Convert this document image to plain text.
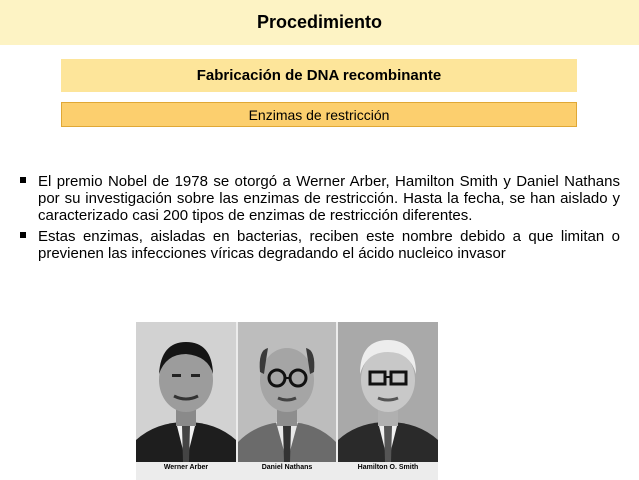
Procedimiento
Fabricación de DNA recombinante
Enzimas de restricción
El premio Nobel de 1978 se otorgó a Werner Arber, Hamilton Smith y Daniel Nathans por su investigación sobre las enzimas de restricción. Hasta la fecha, se han aislado y caracterizado casi 200 tipos de enzimas de restricción diferentes.
Estas enzimas, aisladas en bacterias, reciben este nombre debido a que limitan o previenen las infecciones víricas degradando el ácido nucleico invasor
Werner Arber	Daniel Nathans	Hamilton O. Smith
